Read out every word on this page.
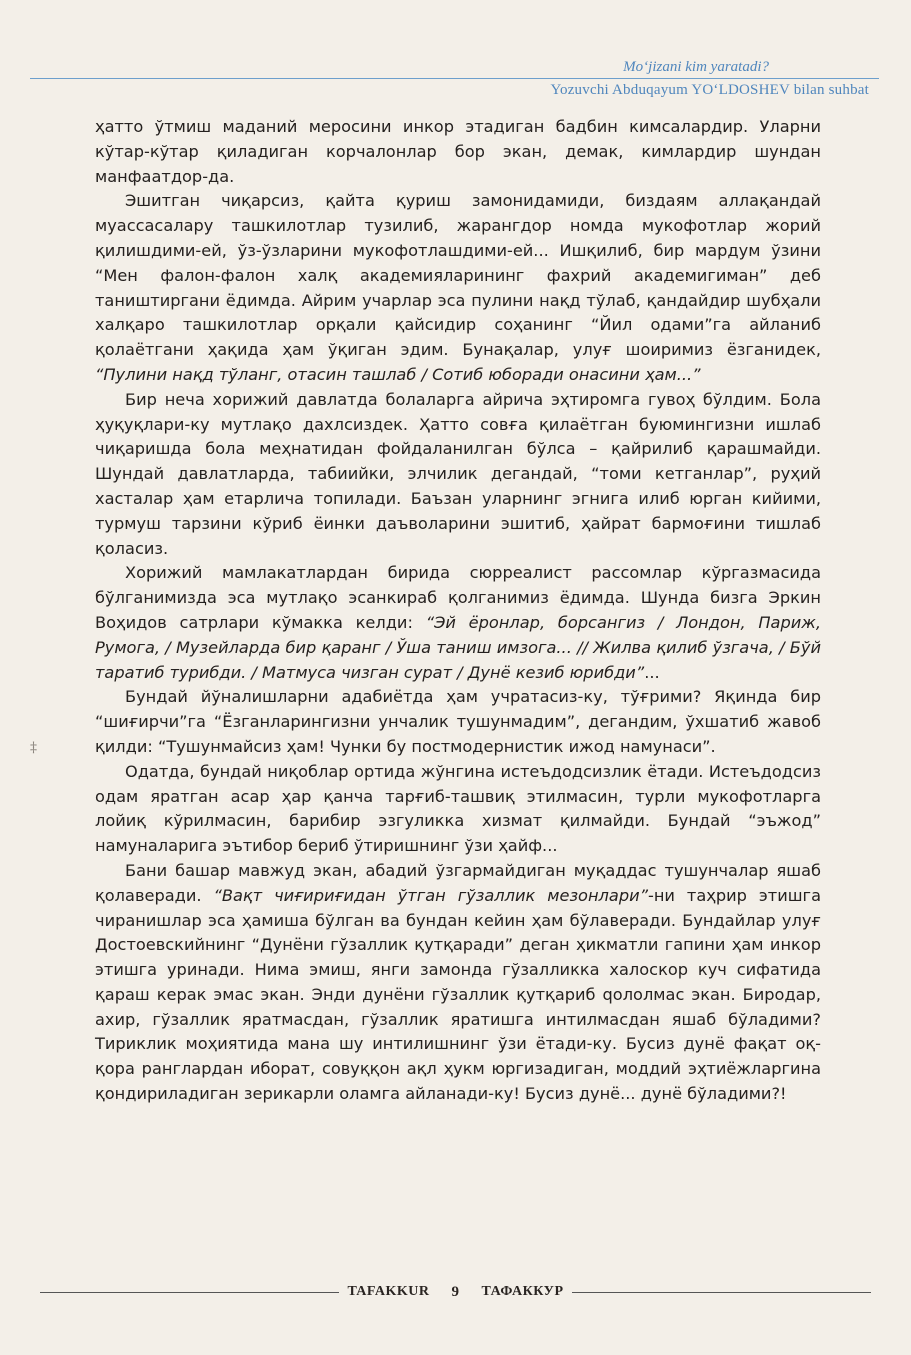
Mo‘jizani kim yaratadi?
Yozuvchi Abduqayum YO‘LDOSHEV bilan suhbat
‡

ҳатто ўтмиш маданий меросини инкор этадиган бадбин кимсалардир. Уларни кўтар-кўтар қиладиган корчалонлар бор экан, демак, кимлардир шундан манфаатдор-да.

Эшитган чиқарсиз, қайта қуриш замонидамиди, биздаям аллақандай муассасалару ташкилотлар тузилиб, жарангдор номда мукофотлар жорий қилишдими-ей, ўз-ўзларини мукофотлашдими-ей... Ишқилиб, бир мардум ўзини “Мен фалон-фалон халқ академияларининг фахрий академигиман” деб таништиргани ёдимда. Айрим учарлар эса пулини нақд тўлаб, қандайдир шубҳали халқаро ташкилотлар орқали қайсидир соҳанинг “Йил одами”га айланиб қолаётгани ҳақида ҳам ўқиган эдим. Бунақалар, улуғ шоиримиз ёзганидек, “Пулини нақд тўланг, отасин ташлаб / Сотиб юборади онасини ҳам...”

Бир неча хорижий давлатда болаларга айрича эҳтиромга гувоҳ бўлдим. Бола ҳуқуқлари-ку мутлақо дахлсиздек. Ҳатто совға қилаётган буюмингизни ишлаб чиқаришда бола меҳнатидан фойдаланилган бўлса – қайрилиб қарашмайди. Шундай давлатларда, табиийки, элчилик дегандай, “томи кетганлар”, руҳий хасталар ҳам етарлича топилади. Баъзан уларнинг эгнига илиб юрган кийими, турмуш тарзини кўриб ёинки даъволарини эшитиб, ҳайрат бармоғини тишлаб қоласиз.

Хорижий мамлакатлардан бирида сюрреалист рассомлар кўргазмасида бўлганимизда эса мутлақо эсанкираб қолганимиз ёдимда. Шунда бизга Эркин Воҳидов сатрлари кўмакка келди: “Эй ёронлар, борсангиз / Лондон, Париж, Румога, / Музейларда бир қаранг / Ўша таниш имзога... // Жилва қилиб ўзгача, / Бўй таратиб турибди. / Матмуса чизган сурат / Дунё кезиб юрибди”...

Бундай йўналишларни адабиётда ҳам учратасиз-ку, тўғрими? Яқинда бир “шиғирчи”га “Ёзганларингизни унчалик тушунмадим”, дегандим, ўхшатиб жавоб қилди: “Тушунмайсиз ҳам! Чунки бу постмодернистик ижод намунаси”.

Одатда, бундай ниқоблар ортида жўнгина истеъдодсизлик ётади. Истеъдодсиз одам яратган асар ҳар қанча тарғиб-ташвиқ этилмасин, турли мукофотларга лойиқ кўрилмасин, барибир эзгуликка хизмат қилмайди. Бундай “эъжод” намуналарига эътибор бериб ўтиришнинг ўзи ҳайф...

Бани башар мавжуд экан, абадий ўзгармайдиган муқаддас тушунчалар яшаб қолаверади. “Вақт чиғириғидан ўтган гўзаллик мезонлари”-ни таҳрир этишга чиранишлар эса ҳамиша бўлган ва бундан кейин ҳам бўлаверади. Бундайлар улуғ Достоевскийнинг “Дунёни гўзаллик қутқаради” деган ҳикматли гапини ҳам инкор этишга уринади. Нима эмиш, янги замонда гўзалликка халоскор куч сифатида қараш керак эмас экан. Энди дунёни гўзаллик қутқариб qололмас экан. Биродар, ахир, гўзаллик яратмасдан, гўзаллик яратишга интилмасдан яшаб бўладими? Тириклик моҳиятида мана шу интилишнинг ўзи ётади-ку. Бусиз дунё фақат оқ-қора ранглардан иборат, совуққон ақл ҳукм юргизадиган, моддий эҳтиёжларгина қондириладиган зерикарли оламга айланади-ку! Бусиз дунё... дунё бўладими?!

TAFAKKUR	9	ТАФАККУР
